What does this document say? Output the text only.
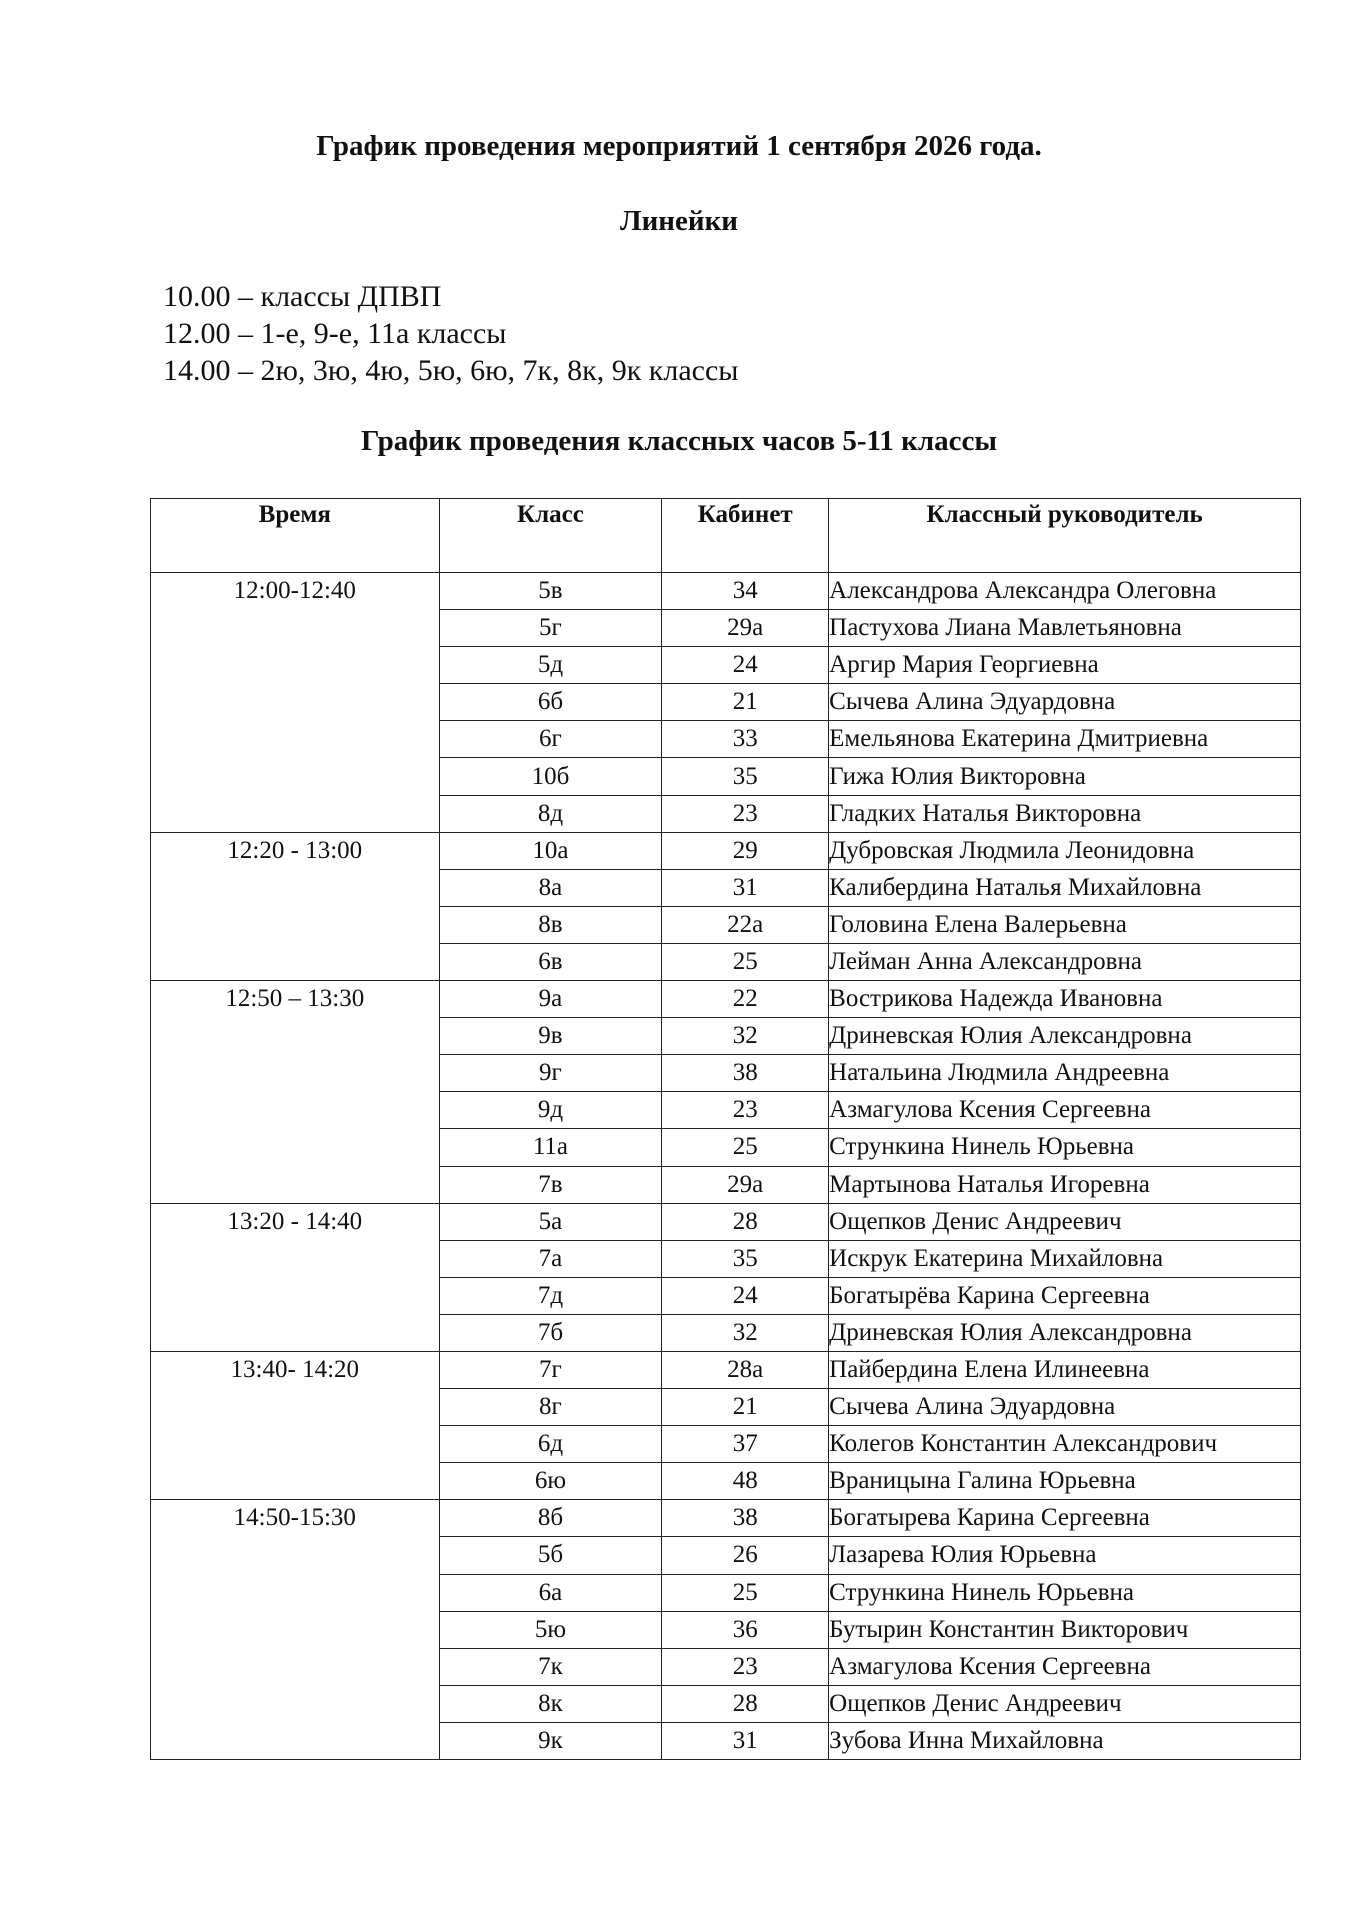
График проведения мероприятий 1 сентября 2026 года.
Линейки
10.00 – классы ДПВП
12.00 – 1-е, 9-е, 11а классы
14.00 – 2ю, 3ю, 4ю, 5ю, 6ю, 7к, 8к, 9к классы
График проведения классных часов 5-11 классы
Время	Класс	Кабинет	Классный руководитель
12:00-12:40	5в	34	Александрова Александра Олеговна
	5г	29а	Пастухова Лиана Мавлетьяновна
	5д	24	Аргир Мария Георгиевна
	6б	21	Сычева Алина Эдуардовна
	6г	33	Емельянова Екатерина Дмитриевна
	10б	35	Гижа Юлия Викторовна
	8д	23	Гладких Наталья Викторовна
12:20 - 13:00	10а	29	Дубровская Людмила Леонидовна
	8а	31	Калибердина Наталья Михайловна
	8в	22а	Головина Елена Валерьевна
	6в	25	Лейман Анна Александровна
12:50 – 13:30	9а	22	Вострикова Надежда Ивановна
	9в	32	Дриневская Юлия Александровна
	9г	38	Натальина Людмила Андреевна
	9д	23	Азмагулова Ксения Сергеевна
	11а	25	Стрункина Нинель Юрьевна
	7в	29а	Мартынова Наталья Игоревна
13:20 - 14:40	5а	28	Ощепков Денис Андреевич
	7а	35	Искрук Екатерина Михайловна
	7д	24	Богатырёва Карина Сергеевна
	7б	32	Дриневская Юлия Александровна
13:40- 14:20	7г	28а	Пайбердина Елена Илинеевна
	8г	21	Сычева Алина Эдуардовна
	6д	37	Колегов Константин Александрович
	6ю	48	Враницына Галина Юрьевна
14:50-15:30	8б	38	Богатырева Карина Сергеевна
	5б	26	Лазарева Юлия Юрьевна
	6а	25	Стрункина Нинель Юрьевна
	5ю	36	Бутырин Константин Викторович
	7к	23	Азмагулова Ксения Сергеевна
	8к	28	Ощепков Денис Андреевич
	9к	31	Зубова Инна Михайловна
